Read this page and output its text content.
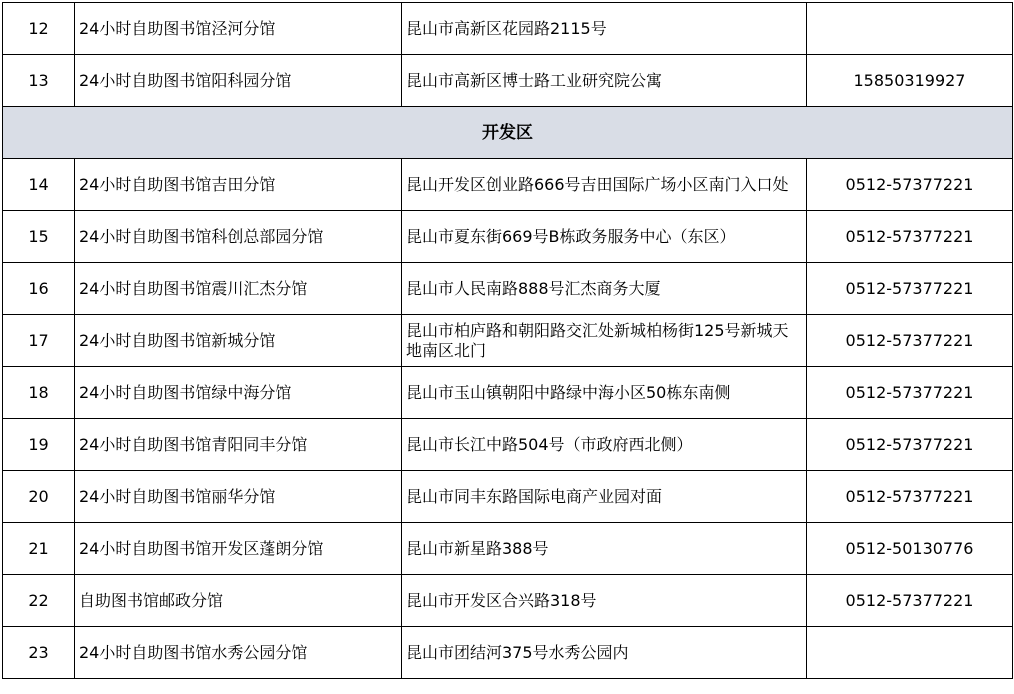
12	24小时自助图书馆泾河分馆	昆山市高新区花园路2115号	
13	24小时自助图书馆阳科园分馆	昆山市高新区博士路工业研究院公寓	15850319927
开发区			
14	24小时自助图书馆吉田分馆	昆山开发区创业路666号吉田国际广场小区南门入口处	0512-57377221
15	24小时自助图书馆科创总部园分馆	昆山市夏东街669号B栋政务服务中心（东区）	0512-57377221
16	24小时自助图书馆震川汇杰分馆	昆山市人民南路888号汇杰商务大厦	0512-57377221
17	24小时自助图书馆新城分馆	昆山市柏庐路和朝阳路交汇处新城柏杨街125号新城天地南区北门	0512-57377221
18	24小时自助图书馆绿中海分馆	昆山市玉山镇朝阳中路绿中海小区50栋东南侧	0512-57377221
19	24小时自助图书馆青阳同丰分馆	昆山市长江中路504号（市政府西北侧）	0512-57377221
20	24小时自助图书馆丽华分馆	昆山市同丰东路国际电商产业园对面	0512-57377221
21	24小时自助图书馆开发区蓬朗分馆	昆山市新星路388号	0512-50130776
22	自助图书馆邮政分馆	昆山市开发区合兴路318号	0512-57377221
23	24小时自助图书馆水秀公园分馆	昆山市团结河375号水秀公园内	
